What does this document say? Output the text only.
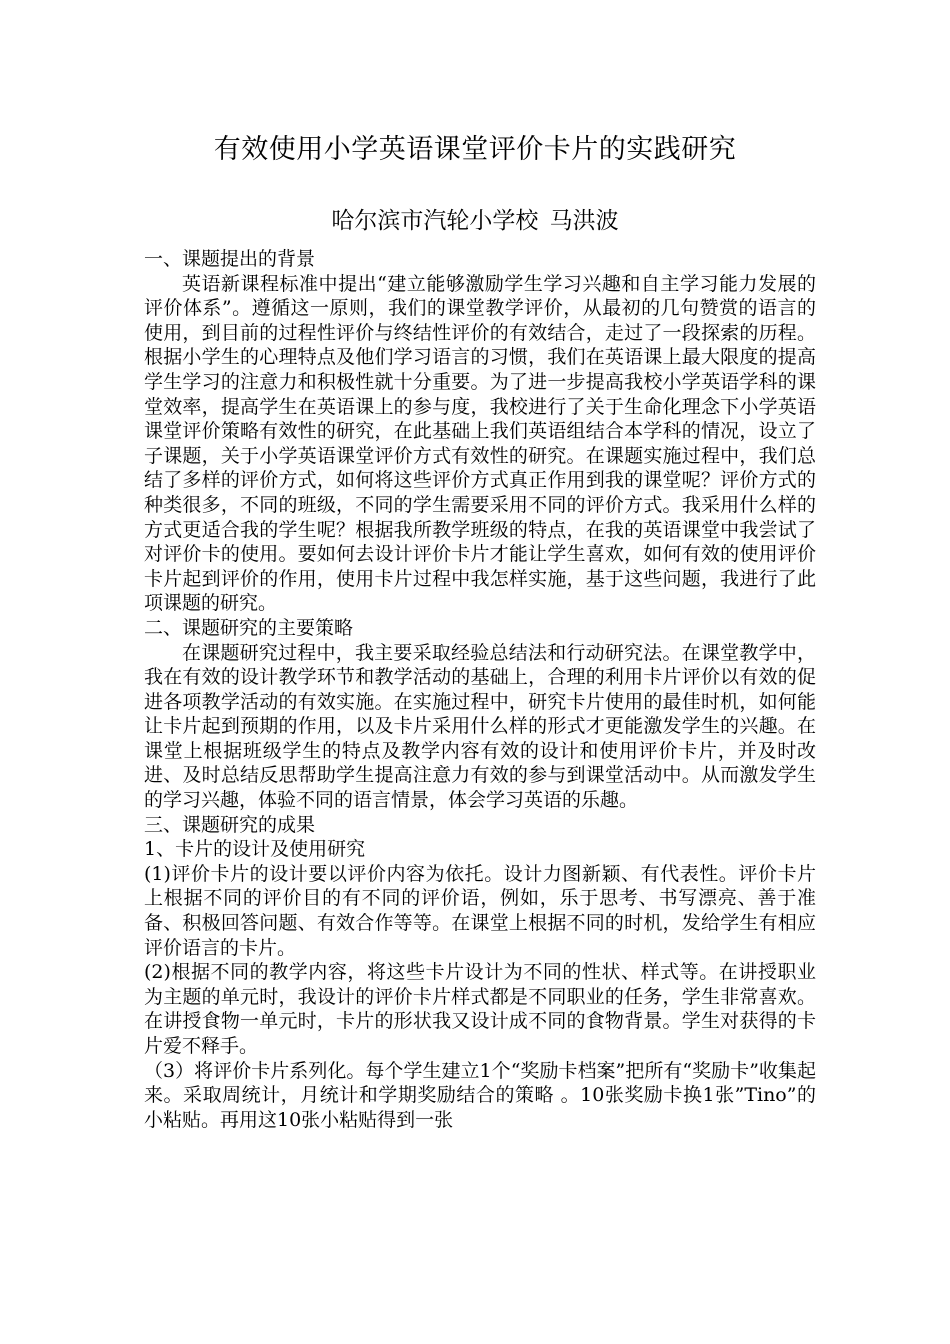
有效使用小学英语课堂评价卡片的实践研究
哈尔滨市汽轮小学校 马洪波

一、课题提出的背景

英语新课程标准中提出“建立能够激励学生学习兴趣和自主学习能力发展的评价体系”。遵循这一原则，我们的课堂教学评价，从最初的几句赞赏的语言的使用，到目前的过程性评价与终结性评价的有效结合，走过了一段探索的历程。根据小学生的心理特点及他们学习语言的习惯，我们在英语课上最大限度的提高学生学习的注意力和积极性就十分重要。为了进一步提高我校小学英语学科的课堂效率，提高学生在英语课上的参与度，我校进行了关于生命化理念下小学英语课堂评价策略有效性的研究，在此基础上我们英语组结合本学科的情况，设立了子课题，关于小学英语课堂评价方式有效性的研究。在课题实施过程中，我们总结了多样的评价方式，如何将这些评价方式真正作用到我的课堂呢？评价方式的种类很多，不同的班级，不同的学生需要采用不同的评价方式。我采用什么样的方式更适合我的学生呢？根据我所教学班级的特点，在我的英语课堂中我尝试了对评价卡的使用。要如何去设计评价卡片才能让学生喜欢，如何有效的使用评价卡片起到评价的作用，使用卡片过程中我怎样实施，基于这些问题，我进行了此项课题的研究。

二、课题研究的主要策略

在课题研究过程中，我主要采取经验总结法和行动研究法。在课堂教学中，我在有效的设计教学环节和教学活动的基础上，合理的利用卡片评价以有效的促进各项教学活动的有效实施。在实施过程中，研究卡片使用的最佳时机，如何能让卡片起到预期的作用，以及卡片采用什么样的形式才更能激发学生的兴趣。在课堂上根据班级学生的特点及教学内容有效的设计和使用评价卡片，并及时改进、及时总结反思帮助学生提高注意力有效的参与到课堂活动中。从而激发学生的学习兴趣，体验不同的语言情景，体会学习英语的乐趣。

三、课题研究的成果

1、卡片的设计及使用研究

(1)评价卡片的设计要以评价内容为依托。设计力图新颖、有代表性。评价卡片上根据不同的评价目的有不同的评价语，例如，乐于思考、书写漂亮、善于准备、积极回答问题、有效合作等等。在课堂上根据不同的时机，发给学生有相应评价语言的卡片。

(2)根据不同的教学内容，将这些卡片设计为不同的性状、样式等。在讲授职业为主题的单元时，我设计的评价卡片样式都是不同职业的任务，学生非常喜欢。在讲授食物一单元时，卡片的形状我又设计成不同的食物背景。学生对获得的卡片爱不释手。

（3）将评价卡片系列化。每个学生建立1个“奖励卡档案”把所有“奖励卡”收集起来。采取周统计，月统计和学期奖励结合的策略 。10张奖励卡换1张”Tino”的小粘贴。再用这10张小粘贴得到一张
